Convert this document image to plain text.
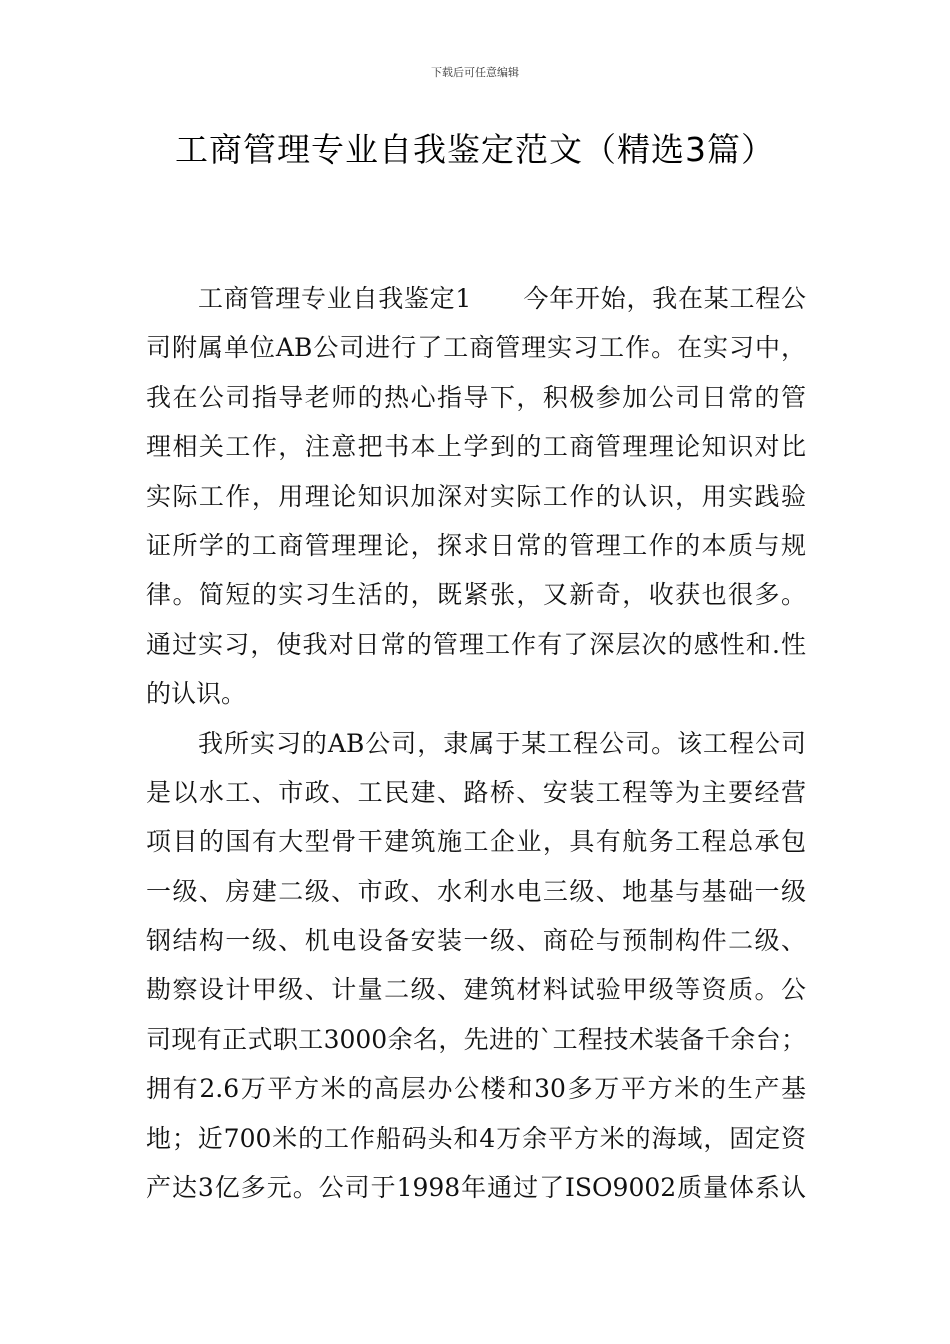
下载后可任意编辑
工商管理专业自我鉴定范文（精选3篇）
工商管理专业自我鉴定1　　今年开始，我在某工程公
司附属单位AB公司进行了工商管理实习工作。在实习中，
我在公司指导老师的热心指导下，积极参加公司日常的管
理相关工作，注意把书本上学到的工商管理理论知识对比
实际工作，用理论知识加深对实际工作的认识，用实践验
证所学的工商管理理论，探求日常的管理工作的本质与规
律。简短的实习生活的，既紧张，又新奇，收获也很多。
通过实习，使我对日常的管理工作有了深层次的感性和.性
的认识。
我所实习的AB公司，隶属于某工程公司。该工程公司
是以水工、市政、工民建、路桥、安装工程等为主要经营
项目的国有大型骨干建筑施工企业，具有航务工程总承包
一级、房建二级、市政、水利水电三级、地基与基础一级
钢结构一级、机电设备安装一级、商砼与预制构件二级、
勘察设计甲级、计量二级、建筑材料试验甲级等资质。公
司现有正式职工3000余名，先进的`工程技术装备千余台；
拥有2.6万平方米的高层办公楼和30多万平方米的生产基
地；近700米的工作船码头和4万余平方米的海域，固定资
产达3亿多元。公司于1998年通过了ISO9002质量体系认
